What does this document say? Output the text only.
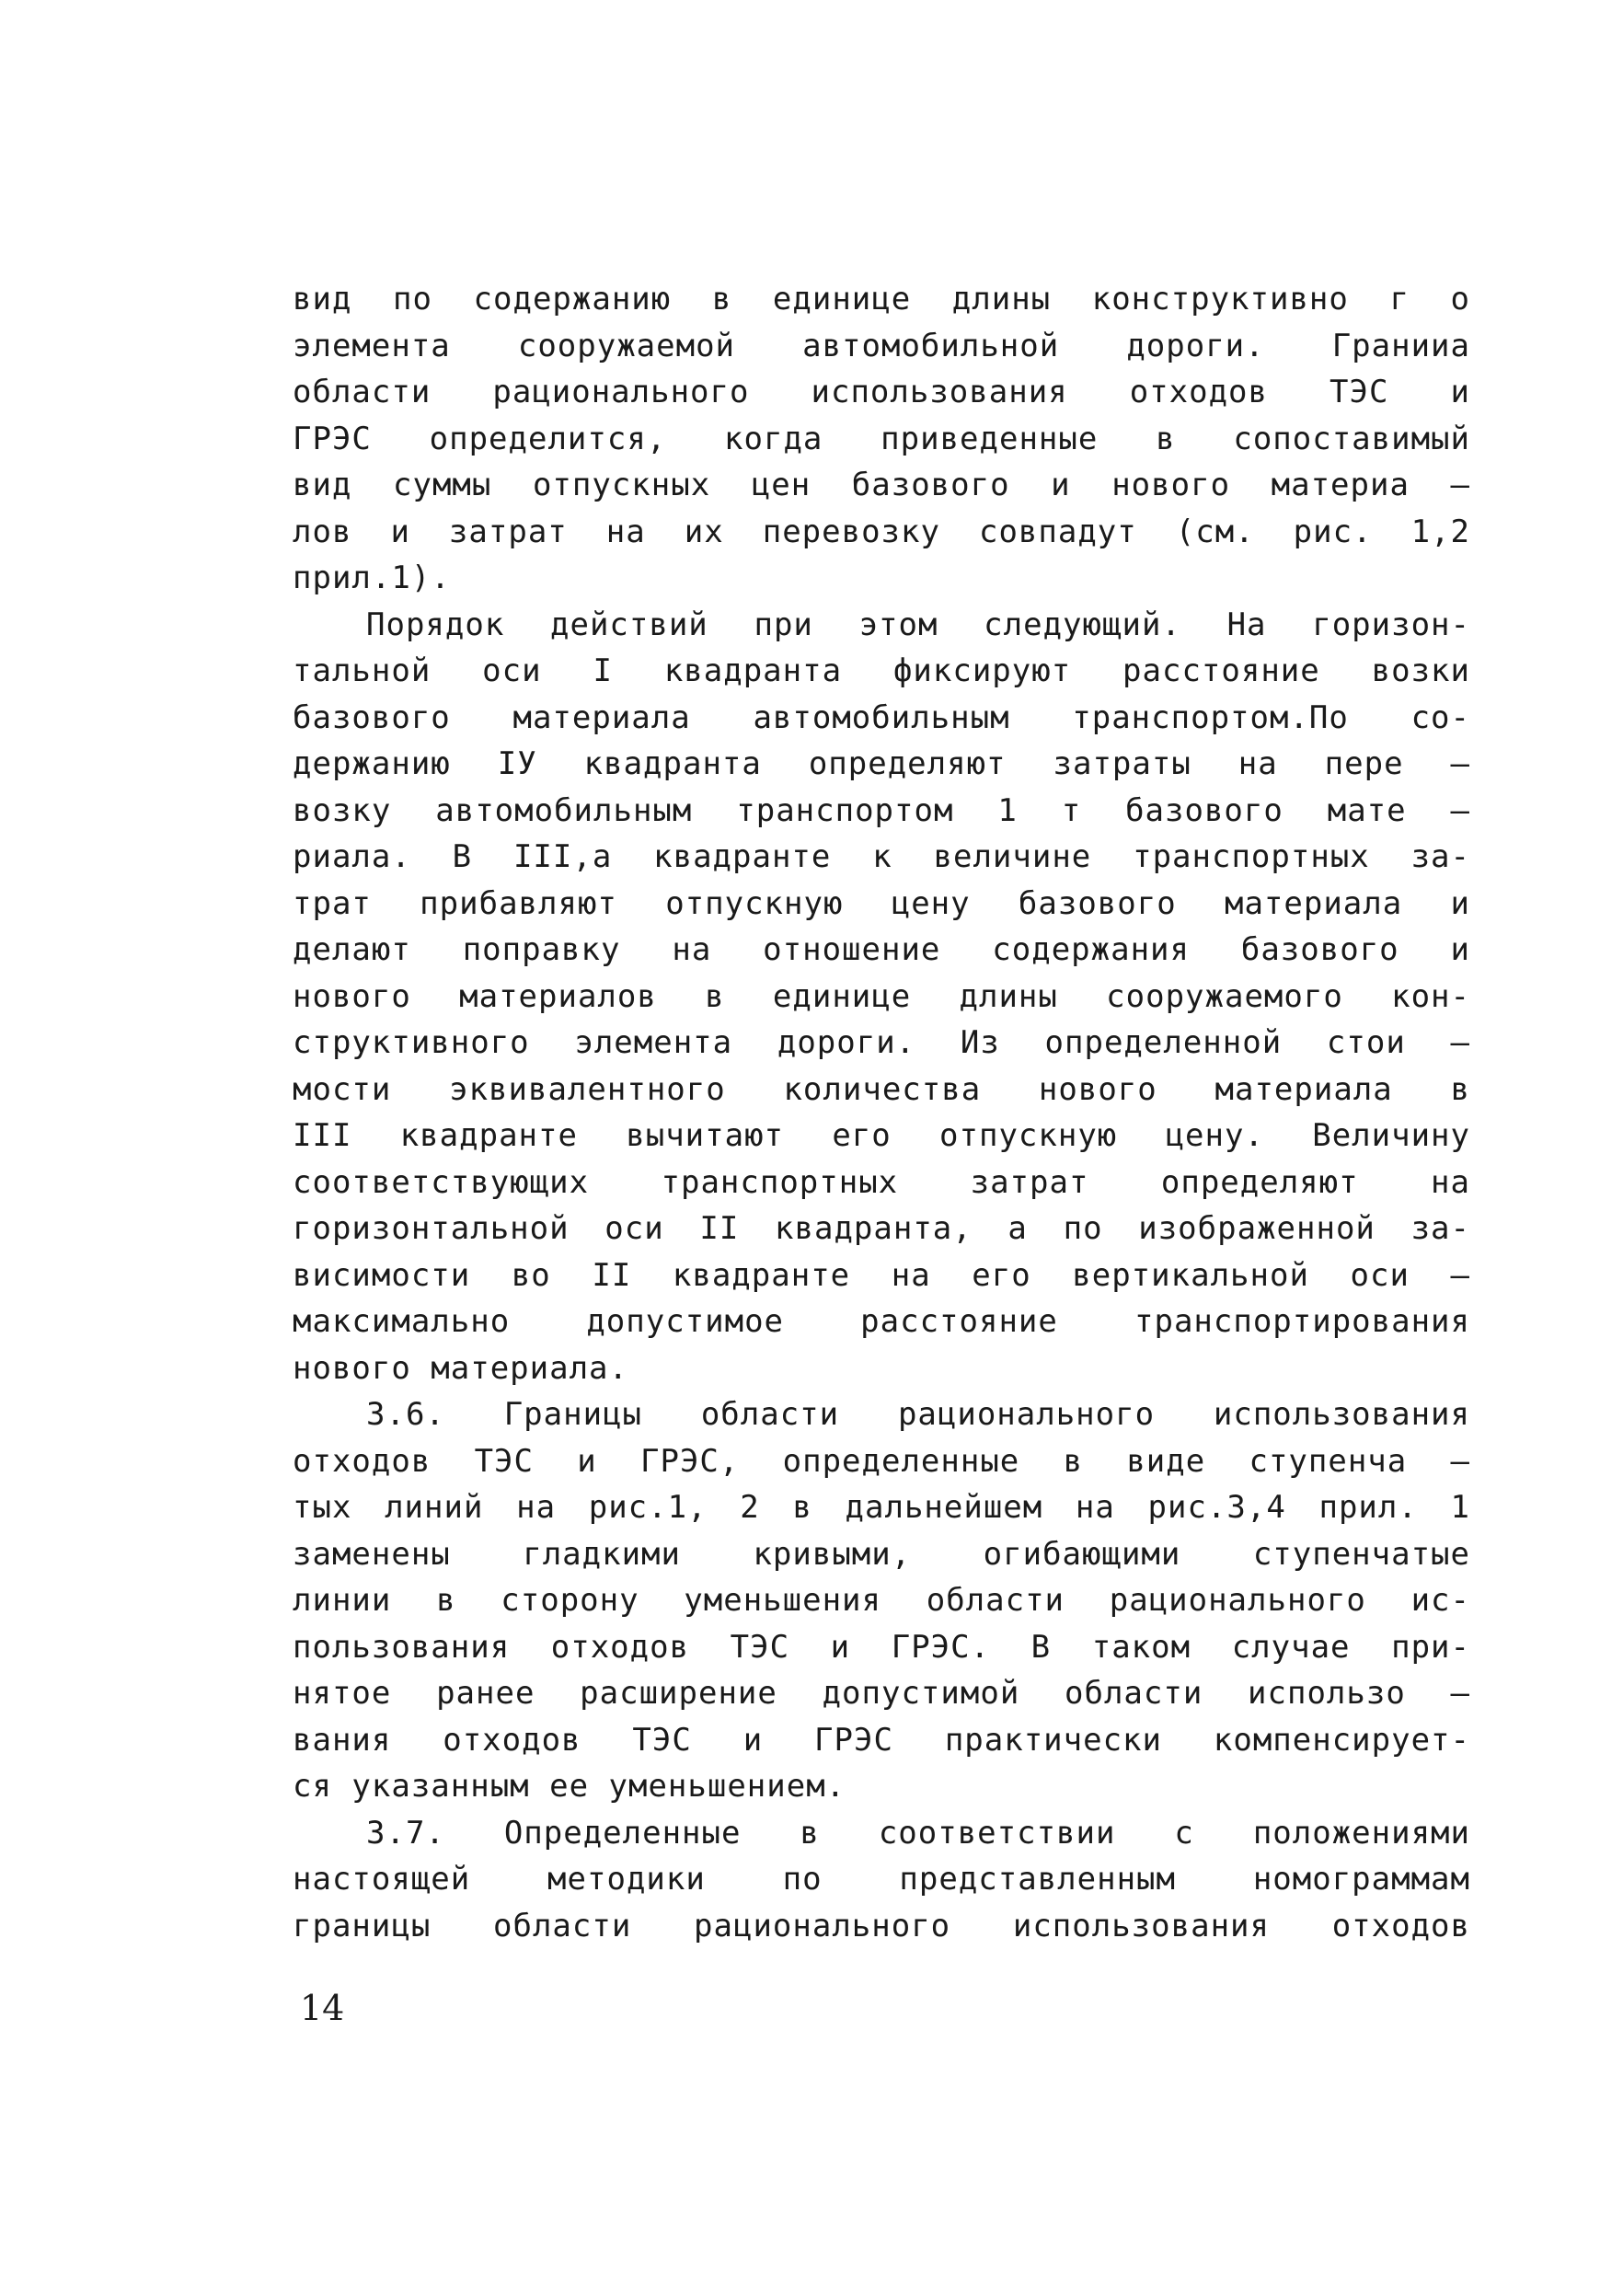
вид по содержанию в единице длины конструктивно г о
элемента сооружаемой автомобильной дороги. Гранииа
области рационального использования отходов ТЭС и
ГРЭС определится, когда приведенные в сопоставимый
вид суммы отпускных цен базового и нового материа –
лов и затрат на их перевозку совпадут (см. рис. 1,2
прил.1).
Порядок действий при этом следующий. На горизон-
тальной оси I квадранта фиксируют расстояние возки
базового материала автомобильным транспортом.По со-
держанию IУ квадранта определяют затраты на пере –
возку автомобильным транспортом 1 т базового мате –
риала. В III,а квадранте к величине транспортных за-
трат прибавляют отпускную цену базового материала и
делают поправку на отношение содержания базового и
нового материалов в единице длины сооружаемого кон-
структивного элемента дороги. Из определенной стои –
мости эквивалентного количества нового материала в
III квадранте вычитают его отпускную цену. Величину
соответствующих транспортных затрат определяют на
горизонтальной оси II квадранта, а по изображенной за-
висимости во II квадранте на его вертикальной оси –
максимально допустимое расстояние транспортирования
нового материала.
3.6. Границы области рационального использования
отходов ТЭС и ГРЭС, определенные в виде ступенча –
тых линий на рис.1, 2 в дальнейшем на рис.3,4 прил. 1
заменены гладкими кривыми, огибающими ступенчатые
линии в сторону уменьшения области рационального ис-
пользования отходов ТЭС и ГРЭС. В таком случае при-
нятое ранее расширение допустимой области использо –
вания отходов ТЭС и ГРЭС практически компенсирует-
ся указанным ее уменьшением.
3.7. Определенные в соответствии с положениями
настоящей методики по представленным номограммам
границы области рационального использования отходов
14
